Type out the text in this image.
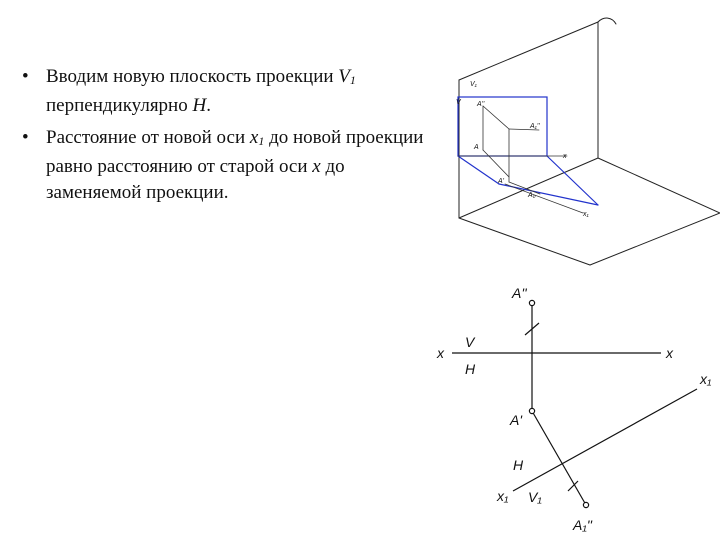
• Вводим новую плоскость проекции V1 перпендикулярно H.
• Расстояние от новой оси x1 до новой проекции равно расстоянию от старой оси x до заменяемой проекции.
V₁
V A''
A₁''
A
x
A'
A₀
x₁
A''
x
V
H
x
x₁
A'
H
x₁ V₁
A₁''
